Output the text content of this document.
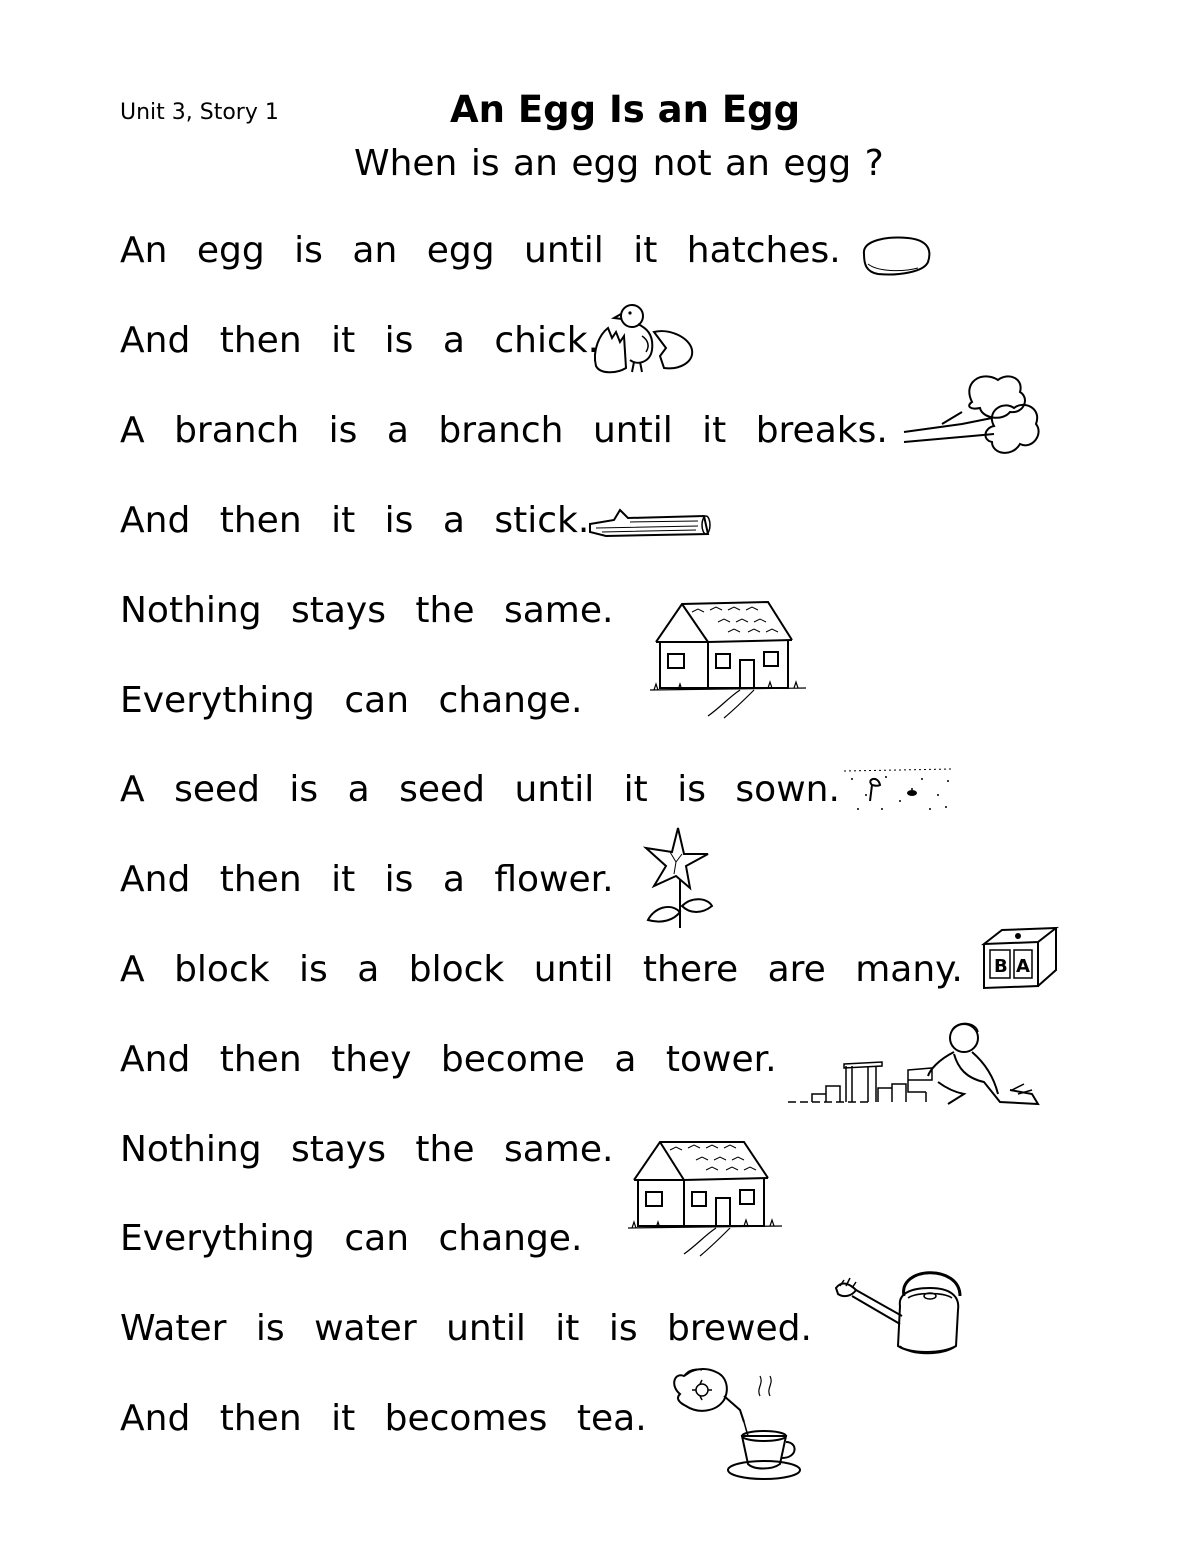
Unit 3, Story 1	An Egg Is an Egg
When is an egg not an egg ?
An egg is an egg until it hatches.
And then it is a chick.
A branch is a branch until it breaks.
And then it is a stick.
Nothing stays the same.
Everything can change.
A seed is a seed until it is sown.
And then it is a flower.
A block is a block until there are many.
And then they become a tower.
Nothing stays the same.
Everything can change.
Water is water until it is brewed.
And then it becomes tea.
B A
